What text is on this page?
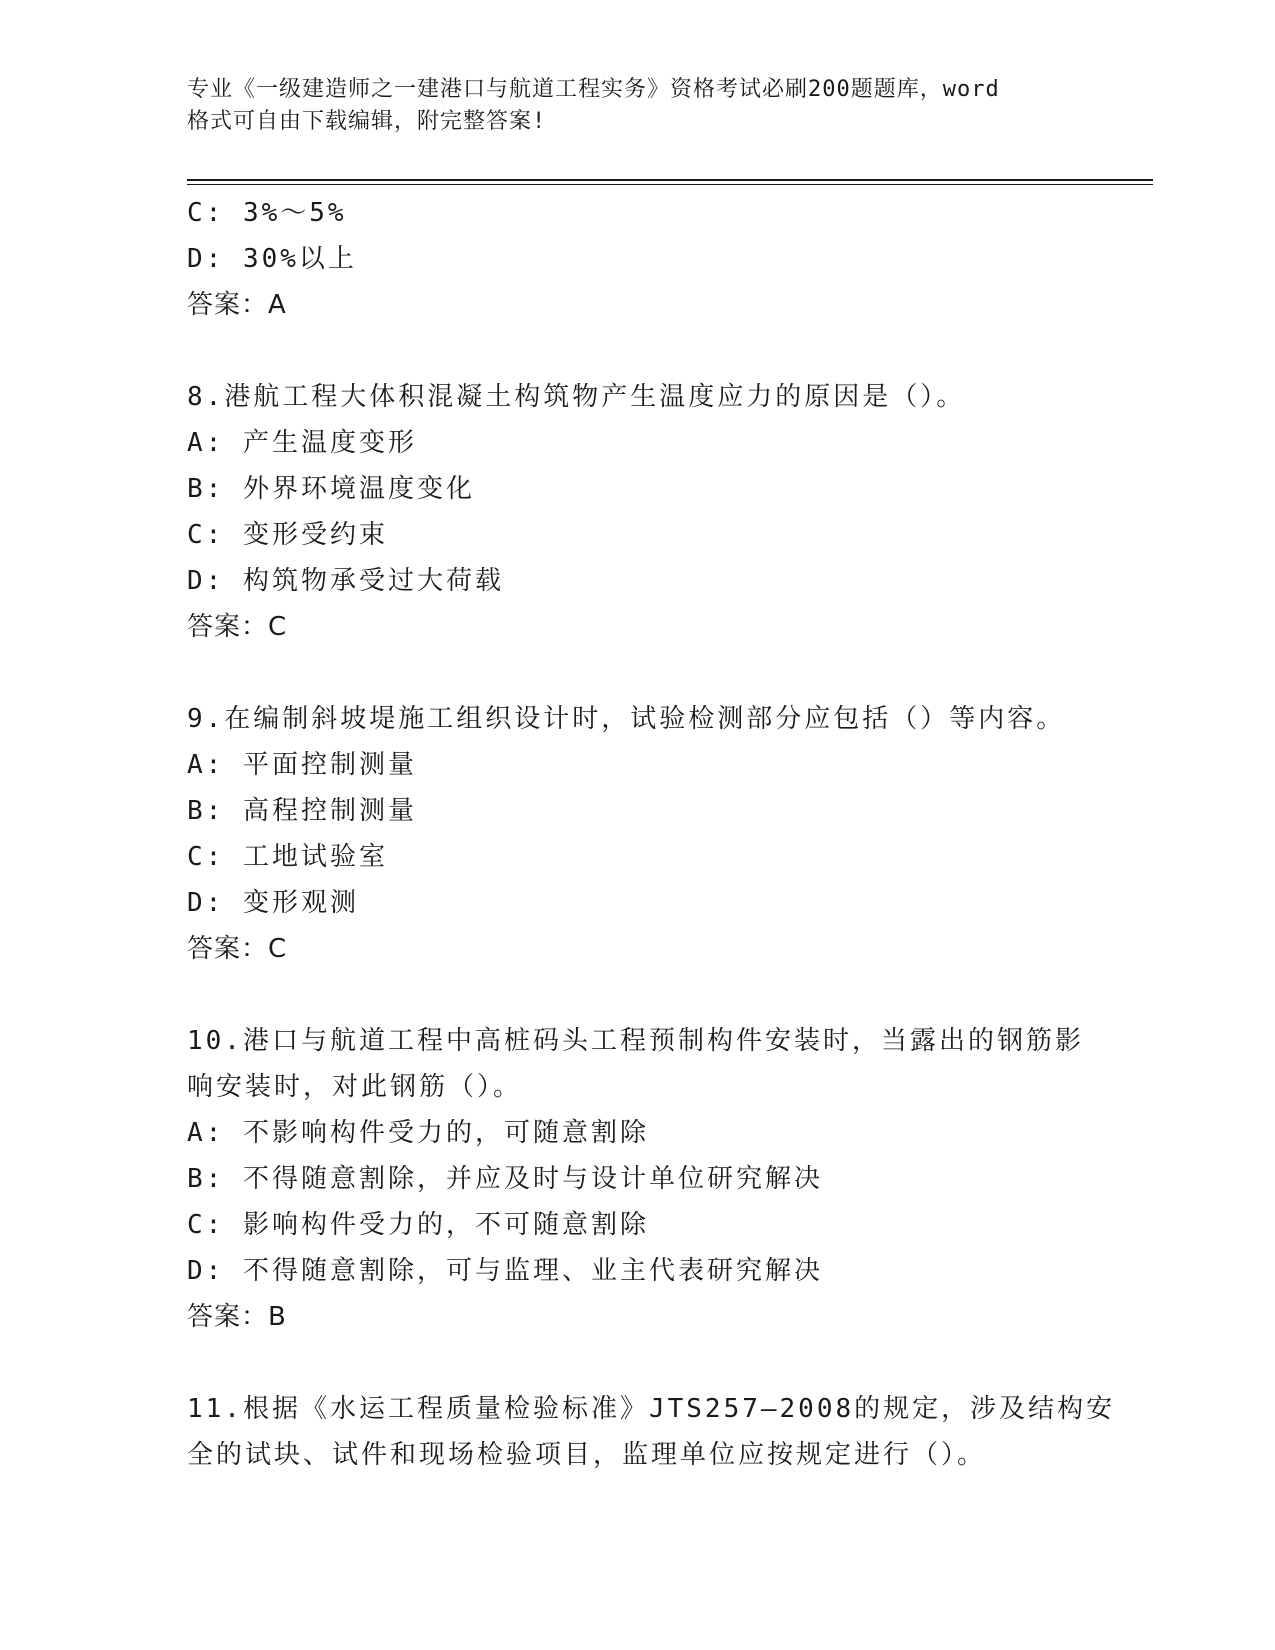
专业《一级建造师之一建港口与航道工程实务》资格考试必刷200题题库，word
格式可自由下载编辑，附完整答案!
C: 3%～5%
D: 30%以上
答案：A
8.港航工程大体积混凝土构筑物产生温度应力的原因是（）。
A: 产生温度变形
B: 外界环境温度变化
C: 变形受约束
D: 构筑物承受过大荷载
答案：C
9.在编制斜坡堤施工组织设计时，试验检测部分应包括（）等内容。
A: 平面控制测量
B: 高程控制测量
C: 工地试验室
D: 变形观测
答案：C
10.港口与航道工程中高桩码头工程预制构件安装时，当露出的钢筋影
响安装时，对此钢筋（）。
A: 不影响构件受力的，可随意割除
B: 不得随意割除，并应及时与设计单位研究解决
C: 影响构件受力的，不可随意割除
D: 不得随意割除，可与监理、业主代表研究解决
答案：B
11.根据《水运工程质量检验标准》JTS257—2008的规定，涉及结构安
全的试块、试件和现场检验项目，监理单位应按规定进行（）。
